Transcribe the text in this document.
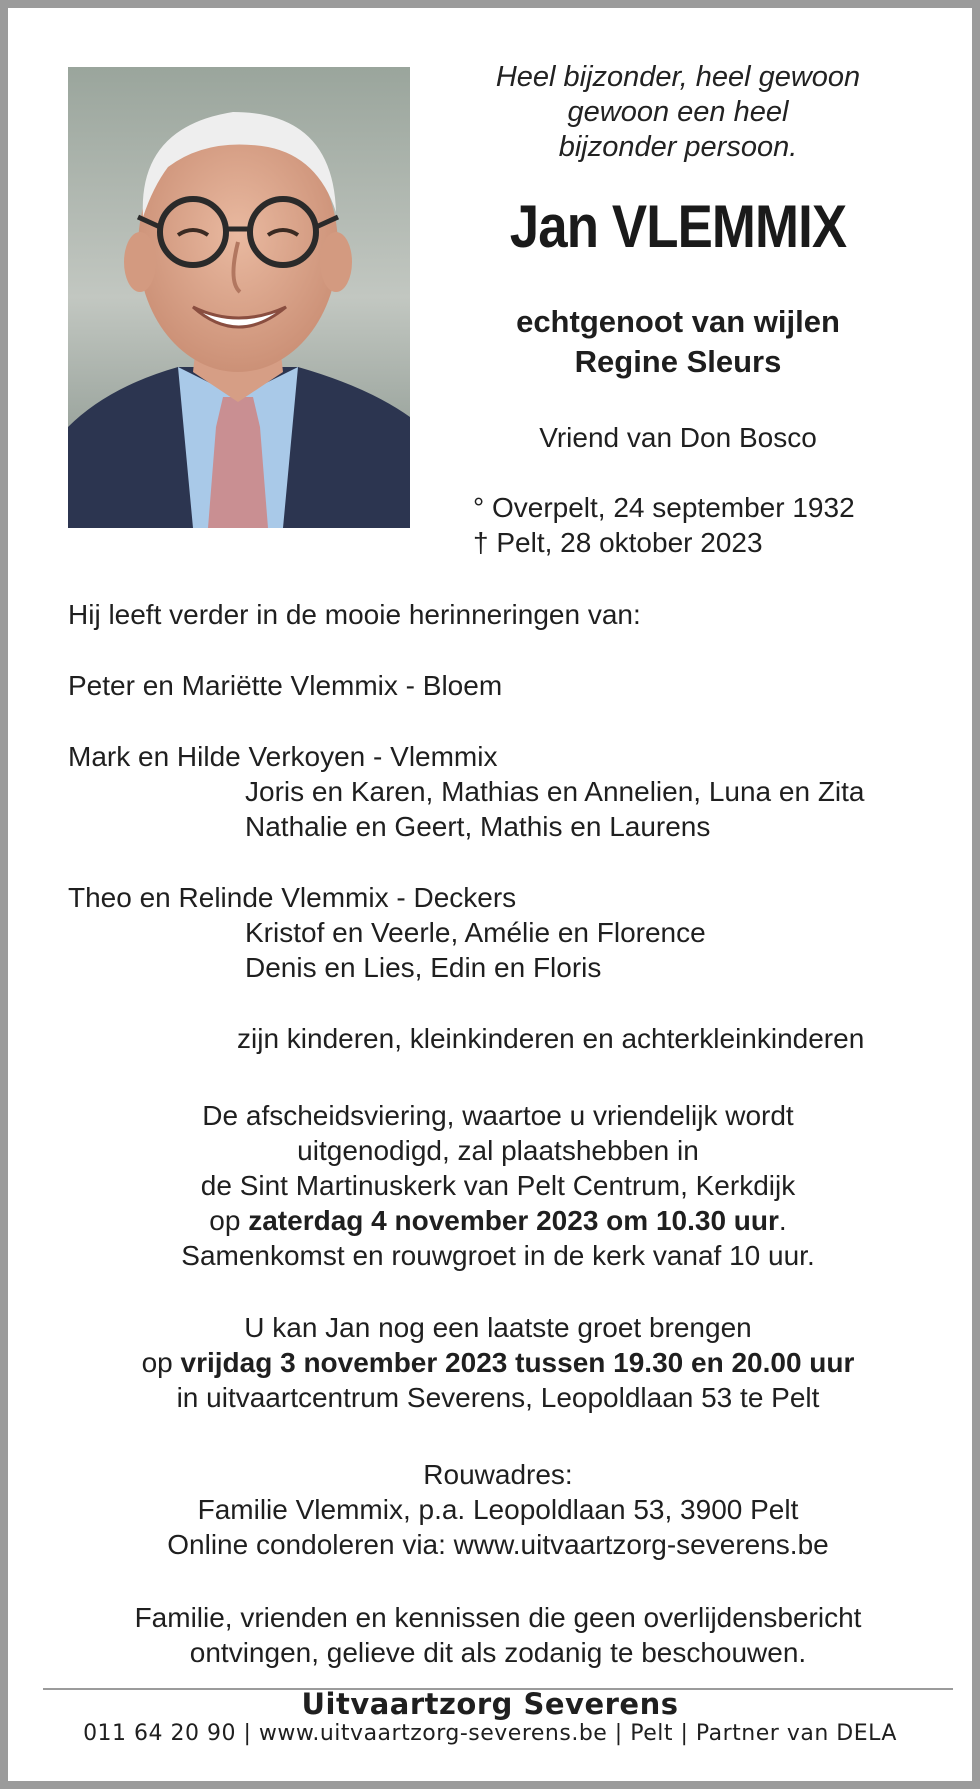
Heel bijzonder, heel gewoon
gewoon een heel
bijzonder persoon.
Jan VLEMMIX
echtgenoot van wijlen
Regine Sleurs
Vriend van Don Bosco
° Overpelt, 24 september 1932
† Pelt, 28 oktober 2023
Hij leeft verder in de mooie herinneringen van:
Peter en Mariëtte Vlemmix - Bloem
Mark en Hilde Verkoyen - Vlemmix
Joris en Karen, Mathias en Annelien, Luna en Zita
Nathalie en Geert, Mathis en Laurens
Theo en Relinde Vlemmix - Deckers
Kristof en Veerle, Amélie en Florence
Denis en Lies, Edin en Floris
zijn kinderen, kleinkinderen en achterkleinkinderen
De afscheidsviering, waartoe u vriendelijk wordt
uitgenodigd, zal plaatshebben in
de Sint Martinuskerk van Pelt Centrum, Kerkdijk
op zaterdag 4 november 2023 om 10.30 uur.
Samenkomst en rouwgroet in de kerk vanaf 10 uur.
U kan Jan nog een laatste groet brengen
op vrijdag 3 november 2023 tussen 19.30 en 20.00 uur
in uitvaartcentrum Severens, Leopoldlaan 53 te Pelt
Rouwadres:
Familie Vlemmix, p.a. Leopoldlaan 53, 3900 Pelt
Online condoleren via: www.uitvaartzorg-severens.be
Familie, vrienden en kennissen die geen overlijdensbericht
ontvingen, gelieve dit als zodanig te beschouwen.
Uitvaartzorg Severens
011 64 20 90 | www.uitvaartzorg-severens.be | Pelt | Partner van DELA
